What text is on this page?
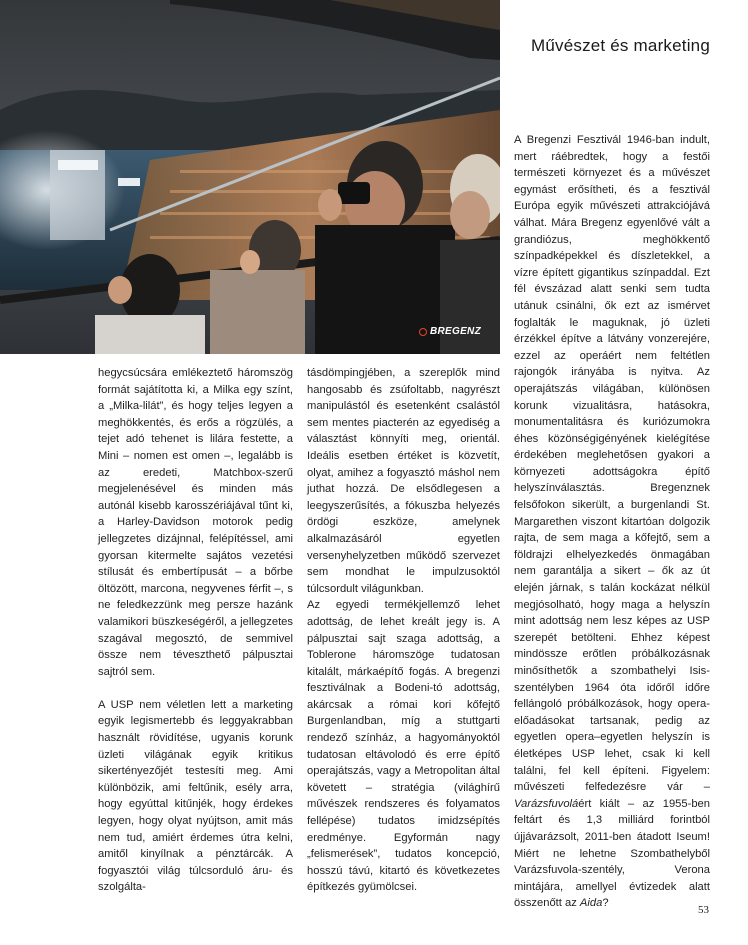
BREGENZ
Művészet és marketing

hegycsúcsára emlékeztető háromszög formát sajátította ki, a Milka egy színt, a „Milka-lilát”, és hogy teljes legyen a meghökkentés, és erős a rögzülés, a tejet adó tehenet is lilára festette, a Mini – nomen est omen –, legalább is az eredeti, Matchbox-szerű megjelenésével és minden más autónál kisebb karosszériájával tűnt ki, a Harley-Davidson motorok pedig jellegzetes dizájnnal, felépítéssel, ami gyorsan kitermelte sajátos vezetési stílusát és embertípusát – a bőrbe öltözött, marcona, negyvenes férfit –, s ne feledkezzünk meg persze hazánk valamikori büszkeségéről, a jellegzetes szagával megosztó, de semmivel össze nem téveszthető pálpusztai sajtról sem.

A USP nem véletlen lett a marketing egyik legismertebb és leggyakrabban használt rövidítése, ugyanis korunk üzleti világának egyik kritikus sikertényezőjét testesíti meg. Ami különbözik, ami feltűnik, esély arra, hogy egyúttal kitűnjék, hogy érdekes legyen, hogy olyat nyújtson, amit más nem tud, amiért érdemes útra kelni, amitől kinyílnak a pénztárcák. A fogyasztói világ túlcsorduló áru- és szolgálta-

tásdömpingjében, a szereplők mind hangosabb és zsúfoltabb, nagyrészt manipulástól és esetenként csalástól sem mentes piacterén az egyediség a választást könnyíti meg, orientál. Ideális esetben értéket is közvetít, olyat, amihez a fogyasztó máshol nem juthat hozzá. De elsődlegesen a leegyszerűsítés, a fókuszba helyezés ördögi eszköze, amelynek alkalmazásáról egyetlen versenyhelyzetben működő szervezet sem mondhat le impulzusoktól túlcsordult világunkban.

Az egyedi termékjellemző lehet adottság, de lehet kreált jegy is. A pálpusztai sajt szaga adottság, a Toblerone háromszöge tudatosan kitalált, márkaépítő fogás. A bregenzi fesztiválnak a Bodeni-tó adottság, akárcsak a római kori kőfejtő Burgenlandban, míg a stuttgarti rendező színház, a hagyományoktól tudatosan eltávolodó és erre építő operajátszás, vagy a Metropolitan által követett – stratégia (világhírű művészek rendszeres és folyamatos fellépése) tudatos imidzsépítés eredménye. Egyformán nagy „felismerések”, tudatos koncepció, hosszú távú, kitartó és következetes építkezés gyümölcsei.

A Bregenzi Fesztivál 1946-ban indult, mert ráébredtek, hogy a festői természeti környezet és a művészet egymást erősítheti, és a fesztivál Európa egyik művészeti attrakciójává válhat. Mára Bregenz egyenlővé vált a grandiózus, meghökkentő színpadképekkel és díszletekkel, a vízre épített gigantikus színpaddal. Ezt fél évszázad alatt senki sem tudta utánuk csinálni, ők ezt az ismérvet foglalták le maguknak, jó üzleti érzékkel építve a látvány vonzerejére, ezzel az operáért nem feltétlen rajongók irányába is nyitva. Az operajátszás világában, különösen korunk vizualitásra, hatásokra, monumentalitásra és kuriózumokra éhes közönségigényének kielégítése érdekében meglehetősen gyakori a környezeti adottságokra építő helyszínválasztás. Bregenznek felsőfokon sikerült, a burgenlandi St. Margarethen viszont kitartóan dolgozik rajta, de sem maga a kőfejtő, sem a földrajzi elhelyezkedés önmagában nem garantálja a sikert – ők az út elején járnak, s talán kockázat nélkül megjósolható, hogy maga a helyszín mint adottság nem lesz képes az USP szerepét betölteni. Ehhez képest mindössze erőtlen próbálkozásnak minősíthetők a szombathelyi Isis-szentélyben 1964 óta időről időre fellángoló próbálkozások, hogy opera-előadásokat tartsanak, pedig az egyetlen opera–egyetlen helyszín is életképes USP lehet, csak ki kell találni, fel kell építeni. Figyelem: művészeti felfedezésre vár – Varázsfuvoláért kiált – az 1955-ben feltárt és 1,3 milliárd forintból újjávarázsolt, 2011-ben átadott Iseum! Miért ne lehetne Szombathelyből Varázsfuvola-szentély, Verona mintájára, amellyel évtizedek alatt összenőtt az Aida?

53
